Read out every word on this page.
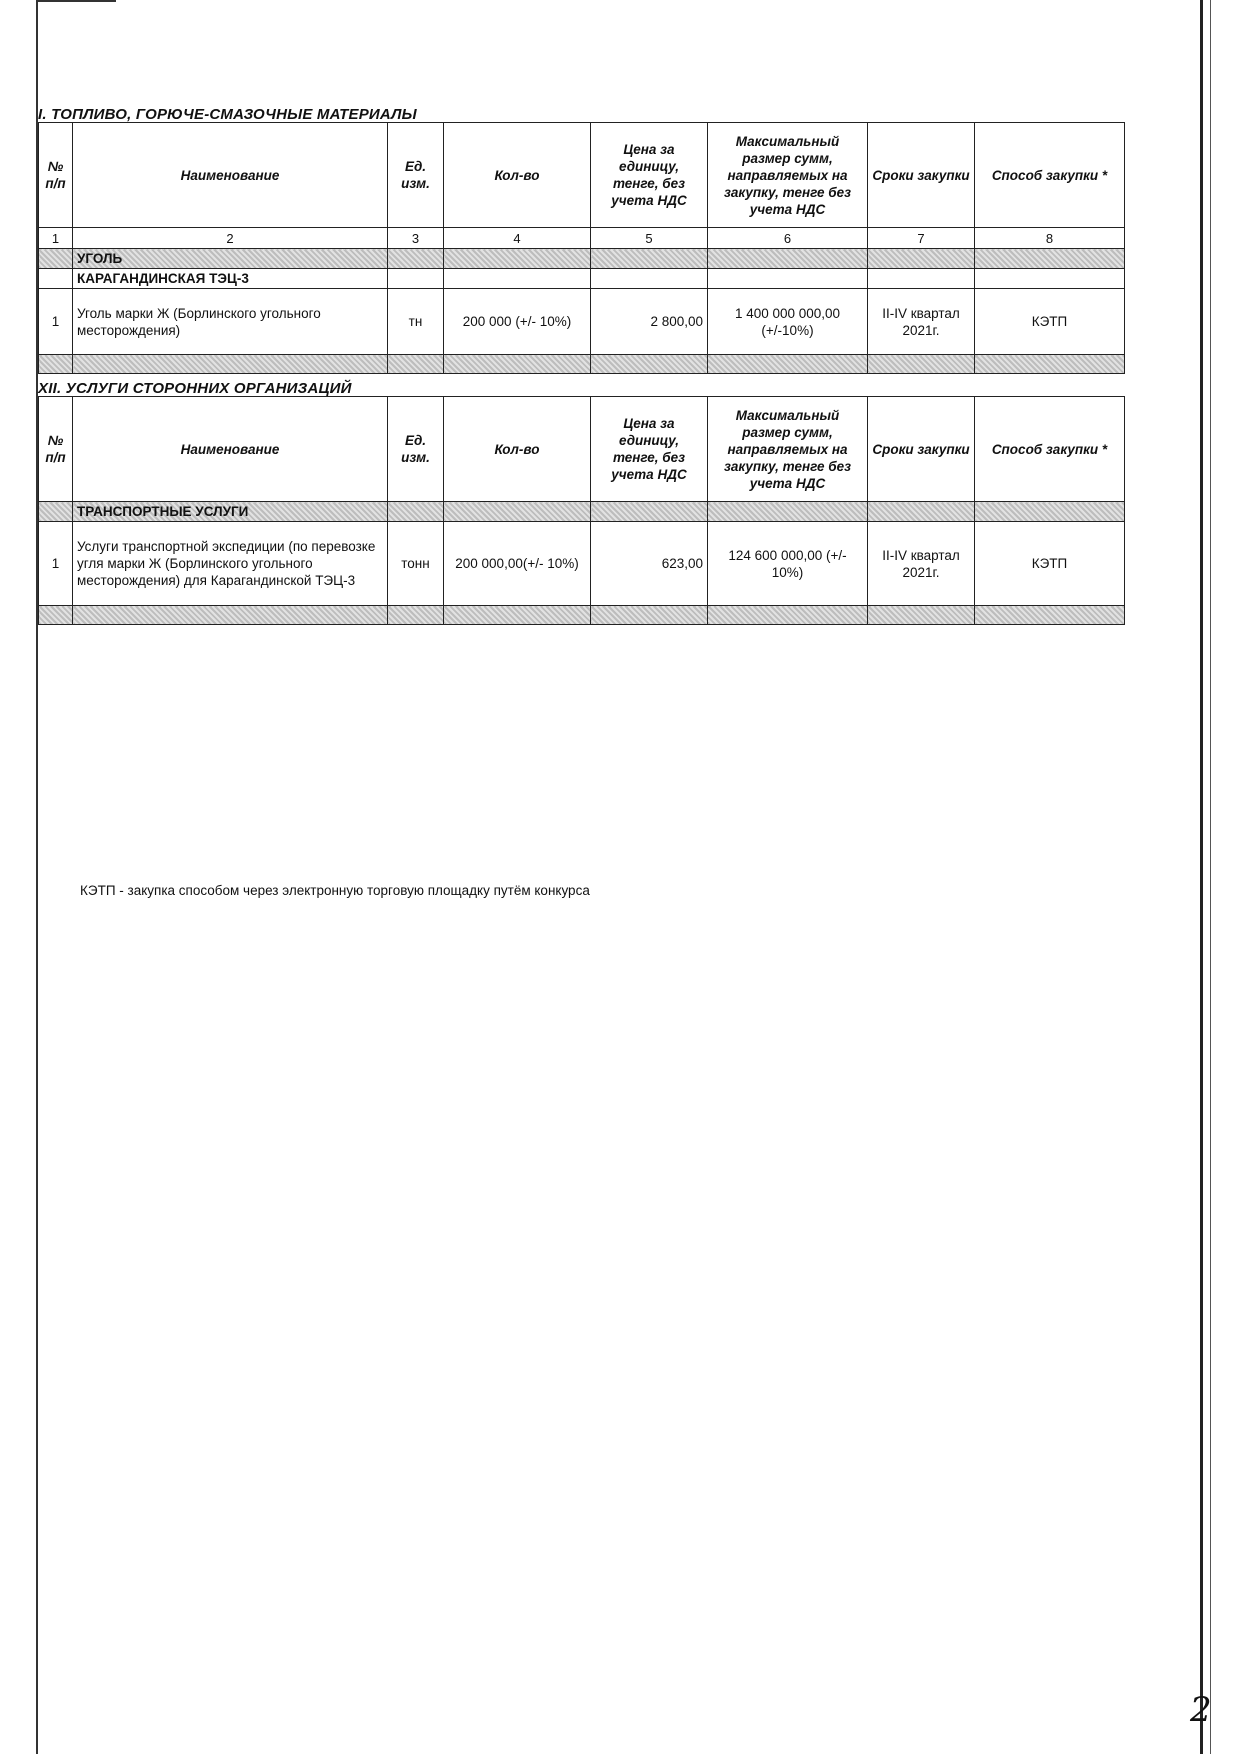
I. ТОПЛИВО, ГОРЮЧЕ-СМАЗОЧНЫЕ МАТЕРИАЛЫ
№ п/п	Наименование	Ед. изм.	Кол-во	Цена за единицу, тенге, без учета НДС	Максимальный размер сумм, направляемых на закупку, тенге без учета НДС	Сроки закупки	Способ закупки *
1	2	3	4	5	6	7	8
	УГОЛЬ						
	КАРАГАНДИНСКАЯ ТЭЦ-3						
1	Уголь марки Ж (Борлинского угольного месторождения)	тн	200 000 (+/- 10%)	2 800,00	1 400 000 000,00 (+/-10%)	II-IV квартал 2021г.	КЭТП

XII. УСЛУГИ СТОРОННИХ ОРГАНИЗАЦИЙ
№ п/п	Наименование	Ед. изм.	Кол-во	Цена за единицу, тенге, без учета НДС	Максимальный размер сумм, направляемых на закупку, тенге без учета НДС	Сроки закупки	Способ закупки *
	ТРАНСПОРТНЫЕ УСЛУГИ						
1	Услуги транспортной экспедиции (по перевозке угля марки Ж (Борлинского угольного месторождения) для Карагандинской ТЭЦ-3	тонн	200 000,00(+/- 10%)	623,00	124 600 000,00 (+/- 10%)	II-IV квартал 2021г.	КЭТП

КЭТП - закупка способом через электронную торговую площадку путём конкурса
2
